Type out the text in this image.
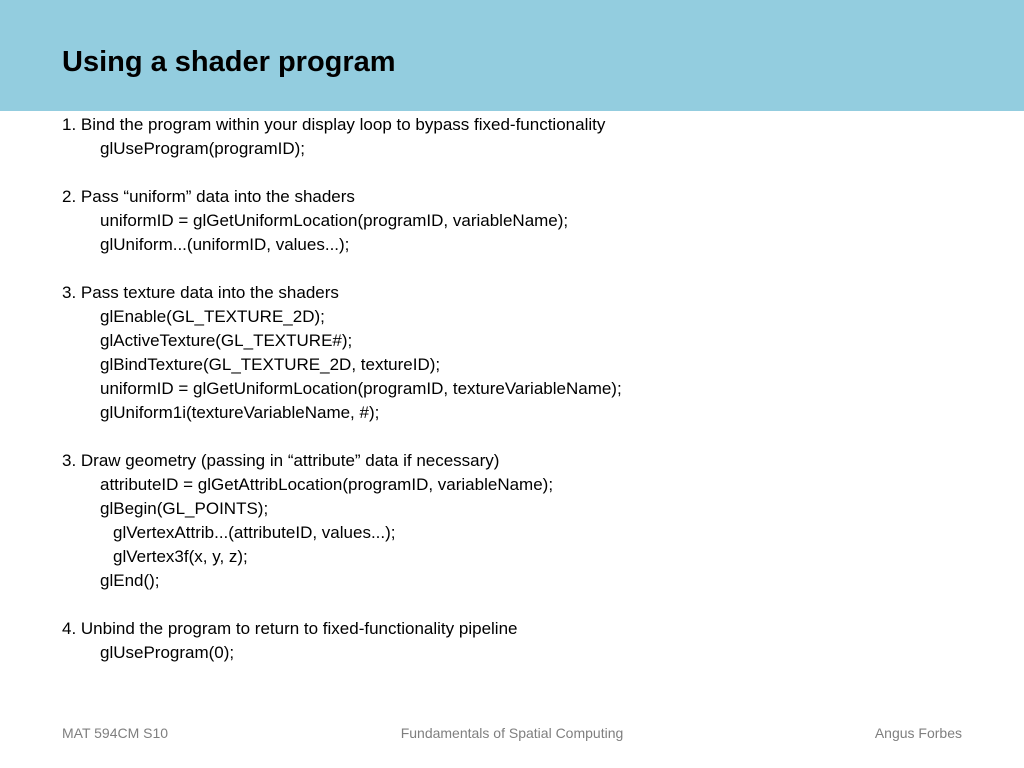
Using a shader program
1. Bind the program within your display loop to bypass fixed-functionality
glUseProgram(programID);
2. Pass “uniform” data into the shaders
uniformID = glGetUniformLocation(programID, variableName);
glUniform...(uniformID, values...);
3. Pass texture data into the shaders
glEnable(GL_TEXTURE_2D);
glActiveTexture(GL_TEXTURE#);
glBindTexture(GL_TEXTURE_2D, textureID);
uniformID = glGetUniformLocation(programID, textureVariableName);
glUniform1i(textureVariableName, #);
3. Draw geometry (passing in “attribute” data if necessary)
attributeID = glGetAttribLocation(programID, variableName);
glBegin(GL_POINTS);
glVertexAttrib...(attributeID, values...);
glVertex3f(x, y, z);
glEnd();
4. Unbind the program to return to fixed-functionality pipeline
glUseProgram(0);
MAT 594CM S10	Fundamentals of Spatial Computing	Angus Forbes
